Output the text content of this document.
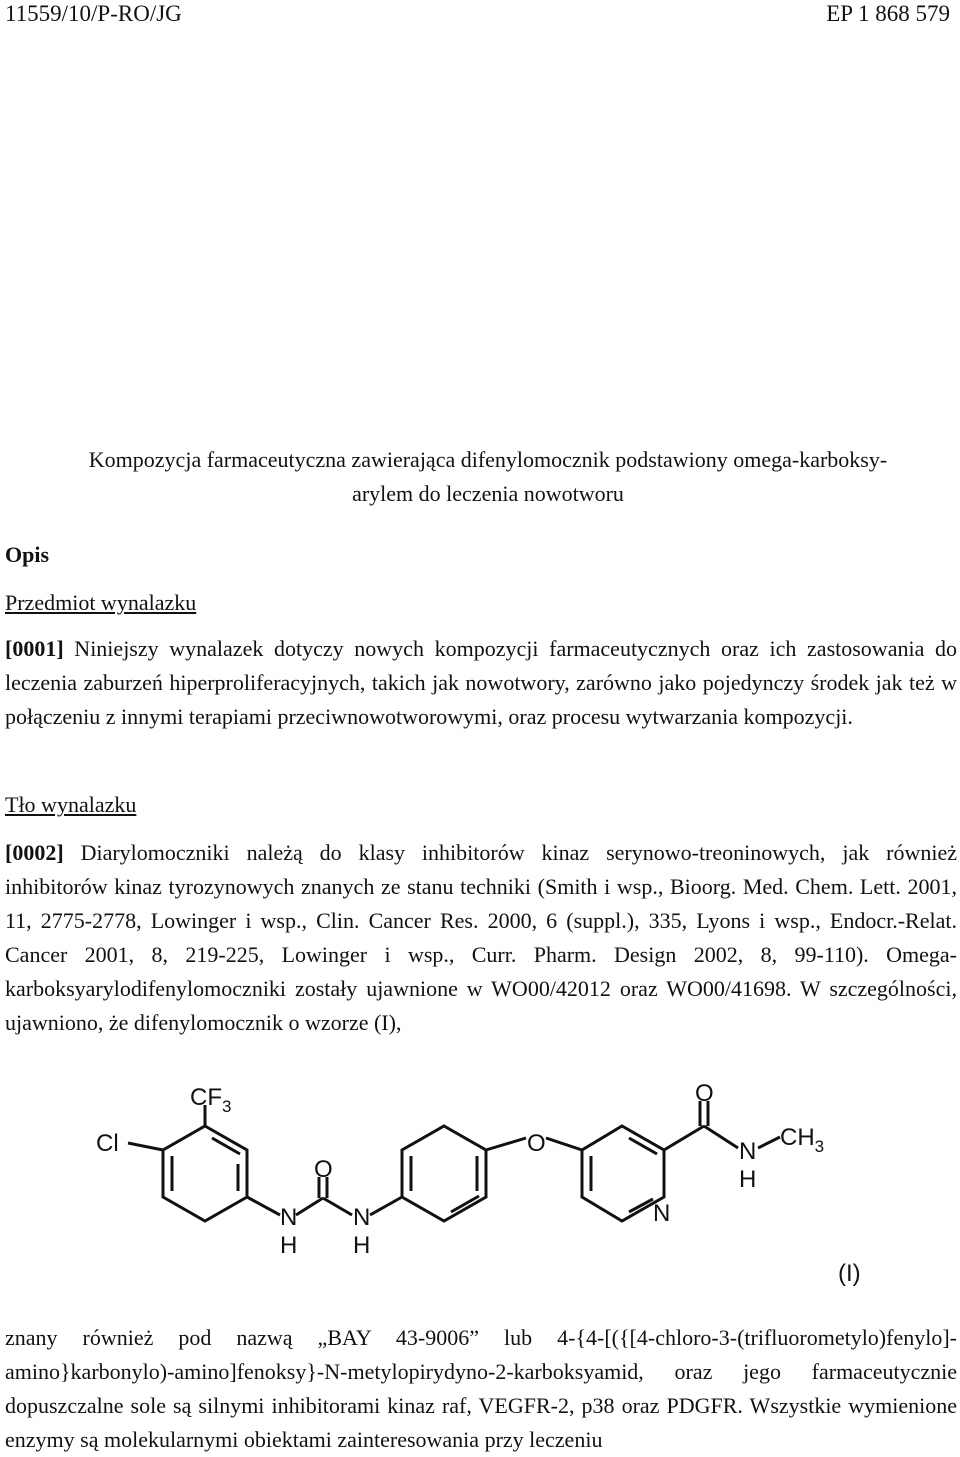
11559/10/P-RO/JG	EP 1 868 579
Kompozycja farmaceutyczna zawierająca difenylomocznik podstawiony omega-karboksy-
arylem do leczenia nowotworu
Opis
Przedmiot wynalazku
[0001] Niniejszy wynalazek dotyczy nowych kompozycji farmaceutycznych oraz ich zastosowania do leczenia zaburzeń hiperproliferacyjnych, takich jak nowotwory, zarówno jako pojedynczy środek jak też w połączeniu z innymi terapiami przeciwnowotworowymi, oraz procesu wytwarzania kompozycji.
Tło wynalazku
[0002] Diarylomoczniki należą do klasy inhibitorów kinaz serynowo-treoninowych, jak również inhibitorów kinaz tyrozynowych znanych ze stanu techniki (Smith i wsp., Bioorg. Med. Chem. Lett. 2001, 11, 2775-2778, Lowinger i wsp., Clin. Cancer Res. 2000, 6 (suppl.), 335, Lyons i wsp., Endocr.-Relat. Cancer 2001, 8, 219-225, Lowinger i wsp., Curr. Pharm. Design 2002, 8, 99-110). Omega-karboksyarylodifenylomoczniki zostały ujawnione w WO00/42012 oraz WO00/41698. W szczególności, ujawniono, że difenylomocznik o wzorze (I),
$CF_3$
Cl
O
N
H
N
H
O
O
N
H
$CH_3$
N
(I)
znany również pod nazwą „BAY 43-9006” lub 4-{4-[({[4-chloro-3-(trifluorometylo)fenylo]-amino}karbonylo)-amino]fenoksy}-N-metylopirydyno-2-karboksyamid, oraz jego farmaceutycznie dopuszczalne sole są silnymi inhibitorami kinaz raf, VEGFR-2, p38 oraz PDGFR. Wszystkie wymienione enzymy są molekularnymi obiektami zainteresowania przy leczeniu
